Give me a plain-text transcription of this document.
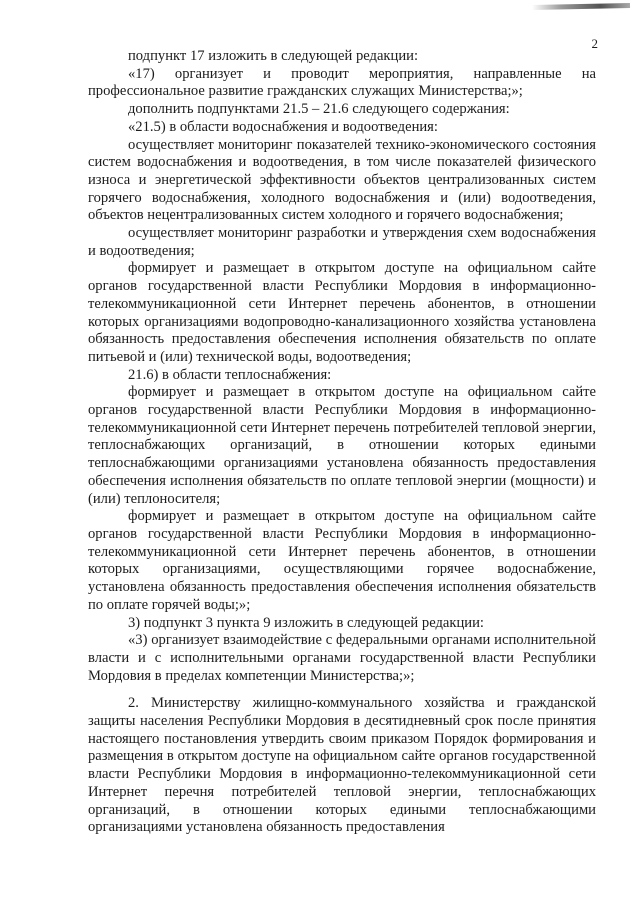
2

подпункт 17 изложить в следующей редакции:

«17) организует и проводит мероприятия, направленные на профессиональное развитие гражданских служащих Министерства;»;

дополнить подпунктами 21.5 – 21.6 следующего содержания:

«21.5) в области водоснабжения и водоотведения:

осуществляет мониторинг показателей технико-экономического состояния систем водоснабжения и водоотведения, в том числе показателей физического износа и энергетической эффективности объектов централизованных систем горячего водоснабжения, холодного водоснабжения и (или) водоотведения, объектов нецентрализованных систем холодного и горячего водоснабжения;

осуществляет мониторинг разработки и утверждения схем водоснабжения и водоотведения;

формирует и размещает в открытом доступе на официальном сайте органов государственной власти Республики Мордовия в информационно-телекоммуникационной сети Интернет перечень абонентов, в отношении которых организациями водопроводно-канализационного хозяйства установлена обязанность предоставления обеспечения исполнения обязательств по оплате питьевой и (или) технической воды, водоотведения;

21.6) в области теплоснабжения:

формирует и размещает в открытом доступе на официальном сайте органов государственной власти Республики Мордовия в информационно-телекоммуникационной сети Интернет перечень потребителей тепловой энергии, теплоснабжающих организаций, в отношении которых едиными теплоснабжающими организациями установлена обязанность предоставления обеспечения исполнения обязательств по оплате тепловой энергии (мощности) и (или) теплоносителя;

формирует и размещает в открытом доступе на официальном сайте органов государственной власти Республики Мордовия в информационно-телекоммуникационной сети Интернет перечень абонентов, в отношении которых организациями, осуществляющими горячее водоснабжение, установлена обязанность предоставления обеспечения исполнения обязательств по оплате горячей воды;»;

3) подпункт 3 пункта 9 изложить в следующей редакции:

«3) организует взаимодействие с федеральными органами исполнительной власти и с исполнительными органами государственной власти Республики Мордовия в пределах компетенции Министерства;»;

2. Министерству жилищно-коммунального хозяйства и гражданской защиты населения Республики Мордовия в десятидневный срок после принятия настоящего постановления утвердить своим приказом Порядок формирования и размещения в открытом доступе на официальном сайте органов государственной власти Республики Мордовия в информационно-телекоммуникационной сети Интернет перечня потребителей тепловой энергии, теплоснабжающих организаций, в отношении которых едиными теплоснабжающими организациями установлена обязанность предоставления
